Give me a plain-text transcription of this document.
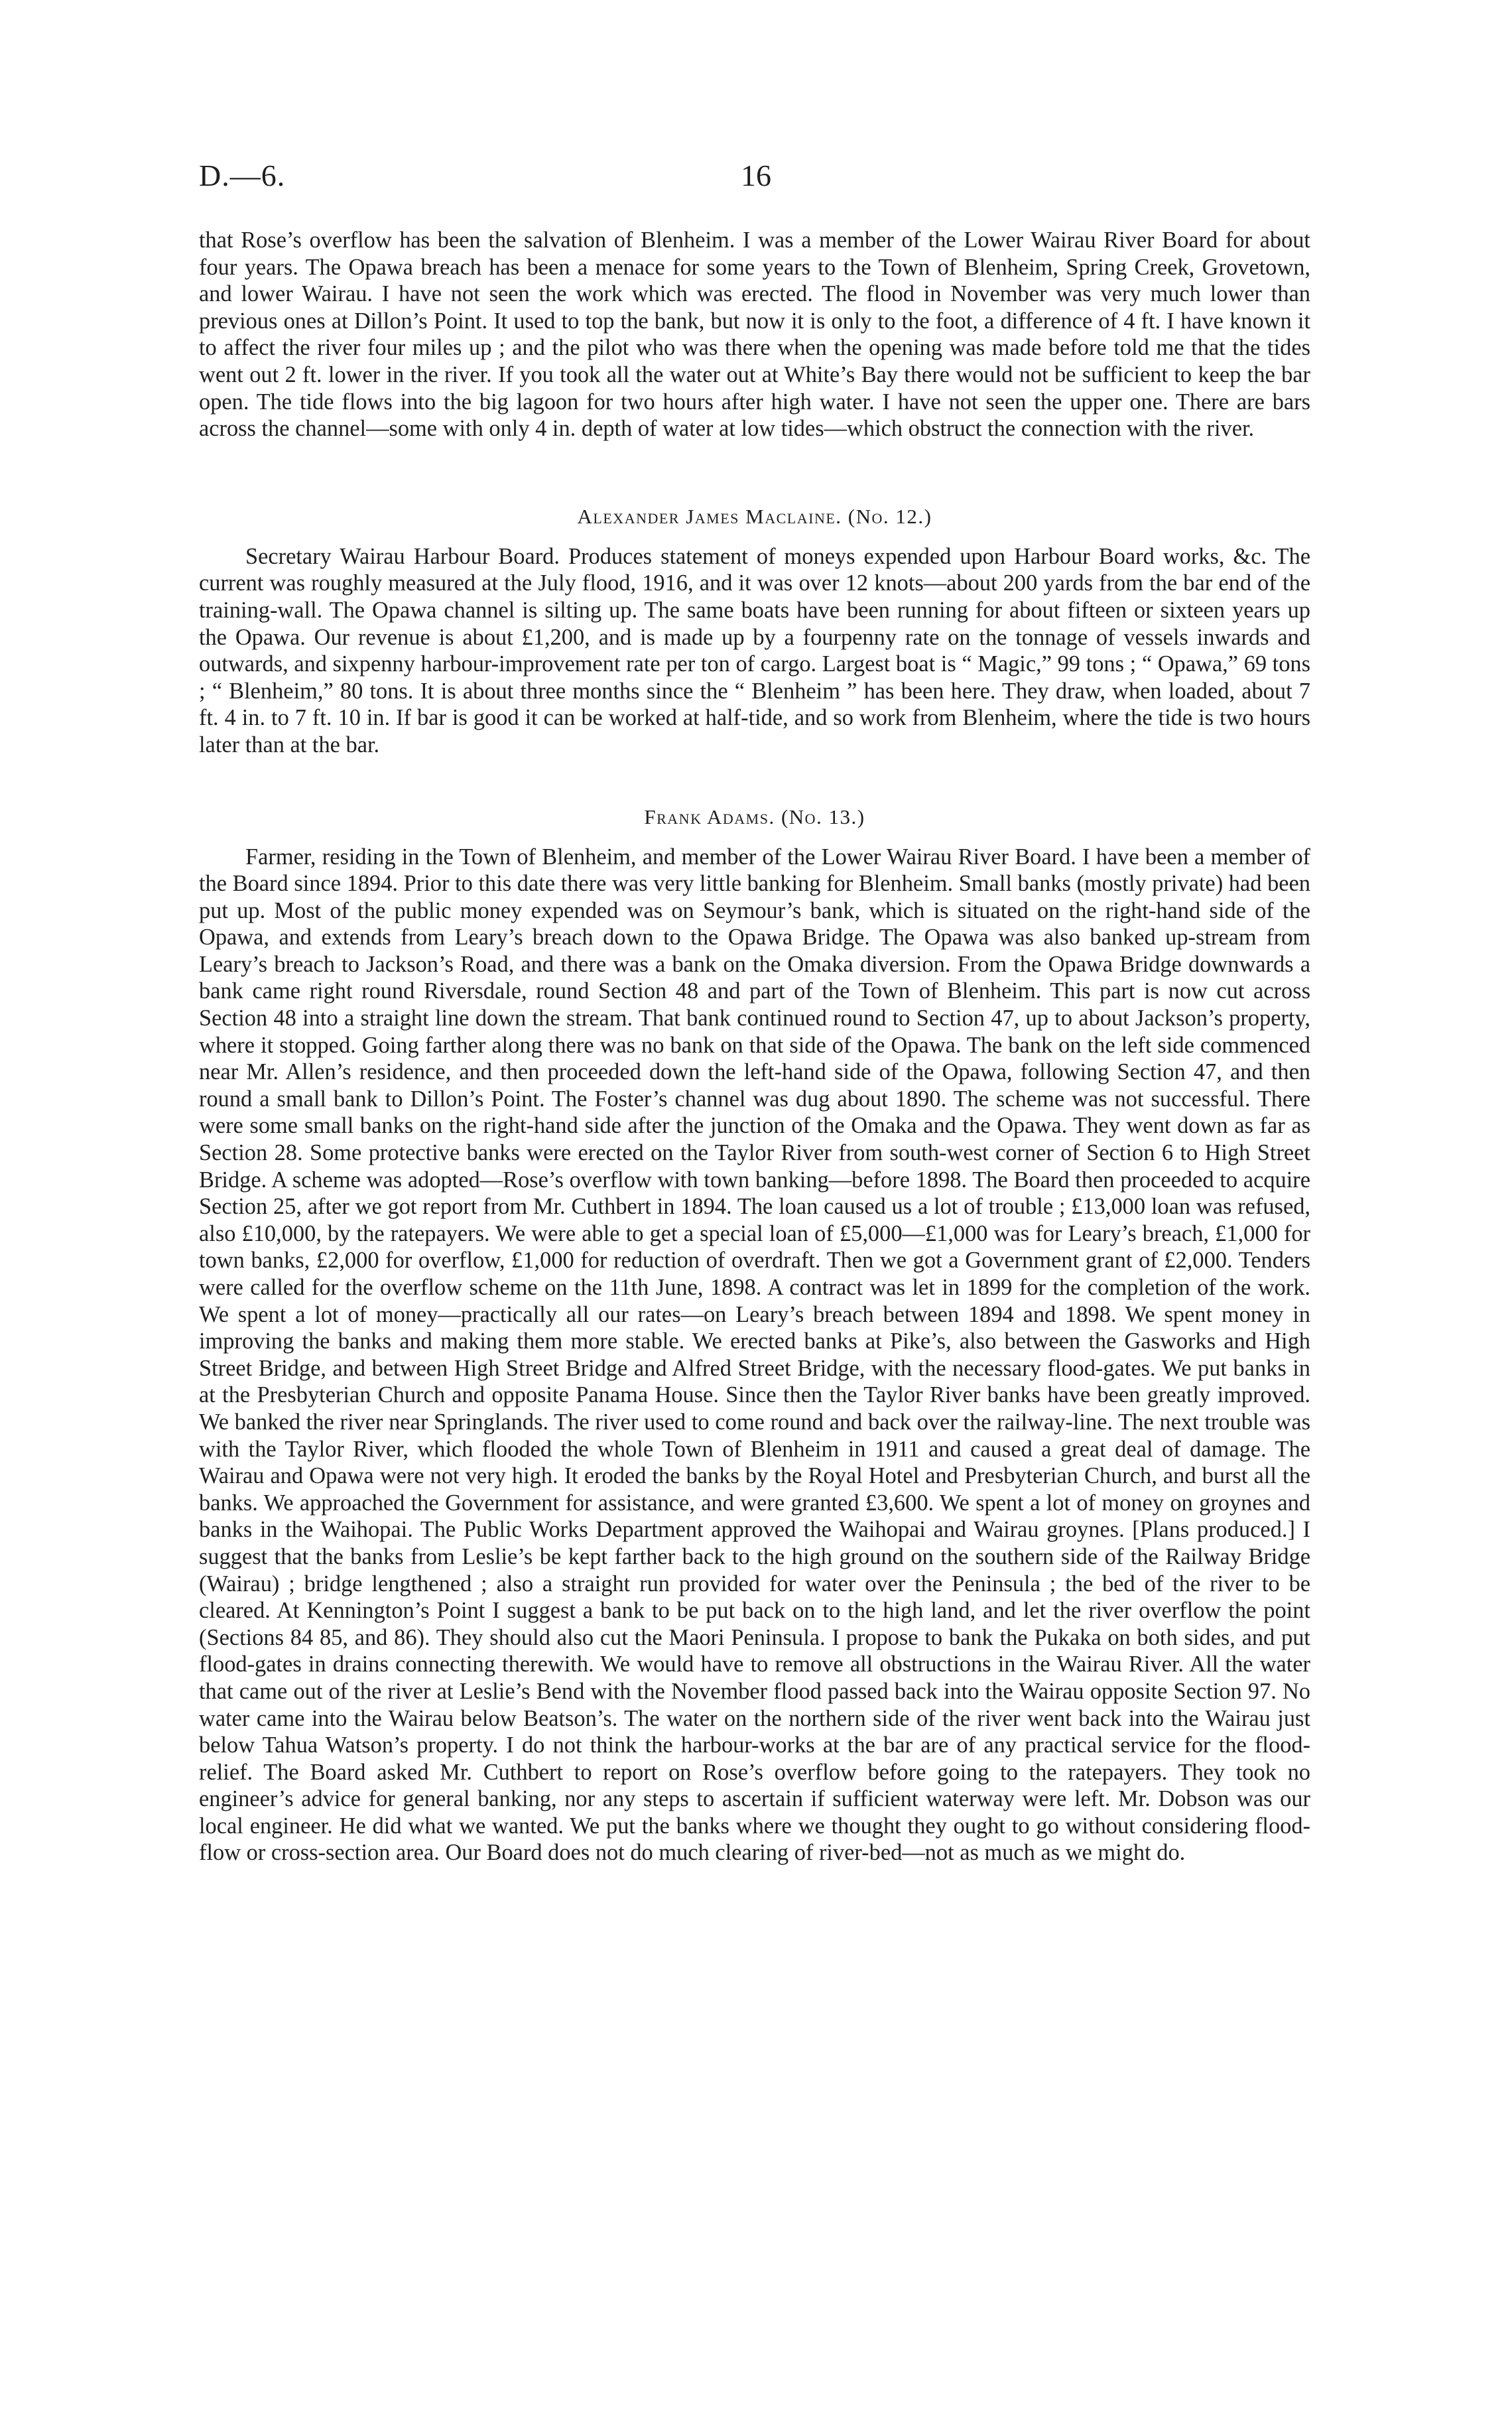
D.—6.	16

that Rose’s overflow has been the salvation of Blenheim. I was a member of the Lower Wairau River Board for about four years. The Opawa breach has been a menace for some years to the Town of Blenheim, Spring Creek, Grovetown, and lower Wairau. I have not seen the work which was erected. The flood in November was very much lower than previous ones at Dillon’s Point. It used to top the bank, but now it is only to the foot, a difference of 4 ft. I have known it to affect the river four miles up ; and the pilot who was there when the opening was made before told me that the tides went out 2 ft. lower in the river. If you took all the water out at White’s Bay there would not be sufficient to keep the bar open. The tide flows into the big lagoon for two hours after high water. I have not seen the upper one. There are bars across the channel—some with only 4 in. depth of water at low tides—which obstruct the connection with the river.

Alexander James Maclaine. (No. 12.)

Secretary Wairau Harbour Board. Produces statement of moneys expended upon Harbour Board works, &c. The current was roughly measured at the July flood, 1916, and it was over 12 knots—about 200 yards from the bar end of the training-wall. The Opawa channel is silting up. The same boats have been running for about fifteen or sixteen years up the Opawa. Our revenue is about £1,200, and is made up by a fourpenny rate on the tonnage of vessels inwards and outwards, and sixpenny harbour-improvement rate per ton of cargo. Largest boat is “ Magic,” 99 tons ; “ Opawa,” 69 tons ; “ Blenheim,” 80 tons. It is about three months since the “ Blenheim ” has been here. They draw, when loaded, about 7 ft. 4 in. to 7 ft. 10 in. If bar is good it can be worked at half-tide, and so work from Blenheim, where the tide is two hours later than at the bar.

Frank Adams. (No. 13.)

Farmer, residing in the Town of Blenheim, and member of the Lower Wairau River Board. I have been a member of the Board since 1894. Prior to this date there was very little banking for Blenheim. Small banks (mostly private) had been put up. Most of the public money expended was on Seymour’s bank, which is situated on the right-hand side of the Opawa, and extends from Leary’s breach down to the Opawa Bridge. The Opawa was also banked up-stream from Leary’s breach to Jackson’s Road, and there was a bank on the Omaka diversion. From the Opawa Bridge downwards a bank came right round Riversdale, round Section 48 and part of the Town of Blenheim. This part is now cut across Section 48 into a straight line down the stream. That bank continued round to Section 47, up to about Jackson’s property, where it stopped. Going farther along there was no bank on that side of the Opawa. The bank on the left side commenced near Mr. Allen’s residence, and then proceeded down the left-hand side of the Opawa, following Section 47, and then round a small bank to Dillon’s Point. The Foster’s channel was dug about 1890. The scheme was not successful. There were some small banks on the right-hand side after the junction of the Omaka and the Opawa. They went down as far as Section 28. Some protective banks were erected on the Taylor River from south-west corner of Section 6 to High Street Bridge. A scheme was adopted—Rose’s overflow with town banking—before 1898. The Board then proceeded to acquire Section 25, after we got report from Mr. Cuthbert in 1894. The loan caused us a lot of trouble ; £13,000 loan was refused, also £10,000, by the ratepayers. We were able to get a special loan of £5,000—£1,000 was for Leary’s breach, £1,000 for town banks, £2,000 for overflow, £1,000 for reduction of overdraft. Then we got a Government grant of £2,000. Tenders were called for the overflow scheme on the 11th June, 1898. A contract was let in 1899 for the completion of the work. We spent a lot of money—practically all our rates—on Leary’s breach between 1894 and 1898. We spent money in improving the banks and making them more stable. We erected banks at Pike’s, also between the Gasworks and High Street Bridge, and between High Street Bridge and Alfred Street Bridge, with the necessary flood-gates. We put banks in at the Presbyterian Church and opposite Panama House. Since then the Taylor River banks have been greatly improved. We banked the river near Springlands. The river used to come round and back over the railway-line. The next trouble was with the Taylor River, which flooded the whole Town of Blenheim in 1911 and caused a great deal of damage. The Wairau and Opawa were not very high. It eroded the banks by the Royal Hotel and Presbyterian Church, and burst all the banks. We approached the Government for assistance, and were granted £3,600. We spent a lot of money on groynes and banks in the Waihopai. The Public Works Department approved the Waihopai and Wairau groynes. [Plans produced.] I suggest that the banks from Leslie’s be kept farther back to the high ground on the southern side of the Railway Bridge (Wairau) ; bridge lengthened ; also a straight run provided for water over the Peninsula ; the bed of the river to be cleared. At Kennington’s Point I suggest a bank to be put back on to the high land, and let the river overflow the point (Sections 84 85, and 86). They should also cut the Maori Peninsula. I propose to bank the Pukaka on both sides, and put flood-gates in drains connecting therewith. We would have to remove all obstructions in the Wairau River. All the water that came out of the river at Leslie’s Bend with the November flood passed back into the Wairau opposite Section 97. No water came into the Wairau below Beatson’s. The water on the northern side of the river went back into the Wairau just below Tahua Watson’s property. I do not think the harbour-works at the bar are of any practical service for the flood-relief. The Board asked Mr. Cuthbert to report on Rose’s overflow before going to the ratepayers. They took no engineer’s advice for general banking, nor any steps to ascertain if sufficient waterway were left. Mr. Dobson was our local engineer. He did what we wanted. We put the banks where we thought they ought to go without considering flood-flow or cross-section area. Our Board does not do much clearing of river-bed—not as much as we might do.
